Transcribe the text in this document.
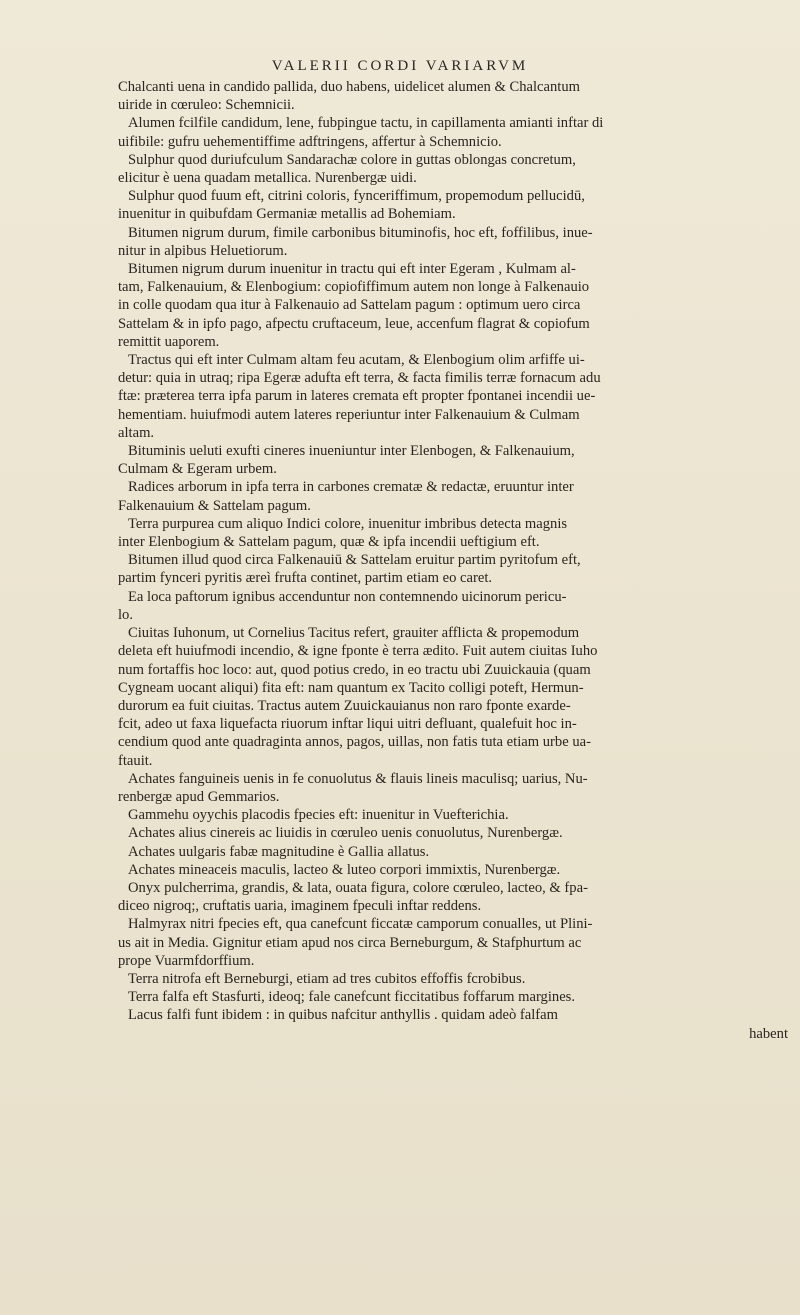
VALERII CORDI VARIARVM

Chalcanti uena in candido pallida, duo habens, uidelicet alumen & Chalcantum

uiride in cœruleo: Schemnicii.

Alumen fcilfile candidum, lene, fubpingue tactu, in capillamenta amianti inftar di

uifibile: gufru uehementiffime adftringens, affertur à Schemnicio.

Sulphur quod duriufculum Sandarachæ colore in guttas oblongas concretum,

elicitur è uena quadam metallica. Nurenbergæ uidi.

Sulphur quod fuum eft, citrini coloris, fynceriffimum, propemodum pellucidū,

inuenitur in quibufdam Germaniæ metallis ad Bohemiam.

Bitumen nigrum durum, fimile carbonibus bituminofis, hoc eft, foffilibus, inue-

nitur in alpibus Heluetiorum.

Bitumen nigrum durum inuenitur in tractu qui eft inter Egeram , Kulmam al-

tam, Falkenauium, & Elenbogium: copiofiffimum autem non longe à Falkenauio

in colle quodam qua itur à Falkenauio ad Sattelam pagum : optimum uero circa

Sattelam & in ipfo pago, afpectu cruftaceum, leue, accenfum flagrat & copiofum

remittit uaporem.

Tractus qui eft inter Culmam altam feu acutam, & Elenbogium olim arfiffe ui-

detur: quia in utraq; ripa Egeræ adufta eft terra, & facta fimilis terræ fornacum adu

ftæ: præterea terra ipfa parum in lateres cremata eft propter fpontanei incendii ue-

hementiam. huiufmodi autem lateres reperiuntur inter Falkenauium & Culmam

altam.

Bituminis ueluti exufti cineres inueniuntur inter Elenbogen, & Falkenauium,

Culmam & Egeram urbem.

Radices arborum in ipfa terra in carbones crematæ & redactæ, eruuntur inter

Falkenauium & Sattelam pagum.

Terra purpurea cum aliquo Indici colore, inuenitur imbribus detecta magnis

inter Elenbogium & Sattelam pagum, quæ & ipfa incendii ueftigium eft.

Bitumen illud quod circa Falkenauiū & Sattelam eruitur partim pyritofum eft,

partim fynceri pyritis æreì frufta continet, partim etiam eo caret.

Ea loca paftorum ignibus accenduntur non contemnendo uicinorum pericu-

lo.

Ciuitas Iuhonum, ut Cornelius Tacitus refert, grauiter afflicta & propemodum

deleta eft huiufmodi incendio, & igne fponte è terra ædito. Fuit autem ciuitas Iuho

num fortaffis hoc loco: aut, quod potius credo, in eo tractu ubi Zuuickauia (quam

Cygneam uocant aliqui) fita eft: nam quantum ex Tacito colligi poteft, Hermun-

durorum ea fuit ciuitas. Tractus autem Zuuickauianus non raro fponte exarde-

fcit, adeo ut faxa liquefacta riuorum inftar liqui uitri defluant, qualefuit hoc in-

cendium quod ante quadraginta annos, pagos, uillas, non fatis tuta etiam urbe ua-

ftauit.

Achates fanguineis uenis in fe conuolutus & flauis lineis maculisq; uarius, Nu-

renbergæ apud Gemmarios.

Gammehu oyychis placodis fpecies eft: inuenitur in Vuefterichia.

Achates alius cinereis ac liuidis in cœruleo uenis conuolutus, Nurenbergæ.

Achates uulgaris fabæ magnitudine è Gallia allatus.

Achates mineaceis maculis, lacteo & luteo corpori immixtis, Nurenbergæ.

Onyx pulcherrima, grandis, & lata, ouata figura, colore cœruleo, lacteo, & fpa-

diceo nigroq;, cruftatis uaria, imaginem fpeculi inftar reddens.

Halmyrax nitri fpecies eft, qua canefcunt ficcatæ camporum conualles, ut Plini-

us ait in Media. Gignitur etiam apud nos circa Berneburgum, & Stafphurtum ac

prope Vuarmfdorffium.

Terra nitrofa eft Berneburgi, etiam ad tres cubitos effoffis fcrobibus.

Terra falfa eft Stasfurti, ideoq; fale canefcunt ficcitatibus foffarum margines.

Lacus falfi funt ibidem : in quibus nafcitur anthyllis . quidam adeò falfam

habent
